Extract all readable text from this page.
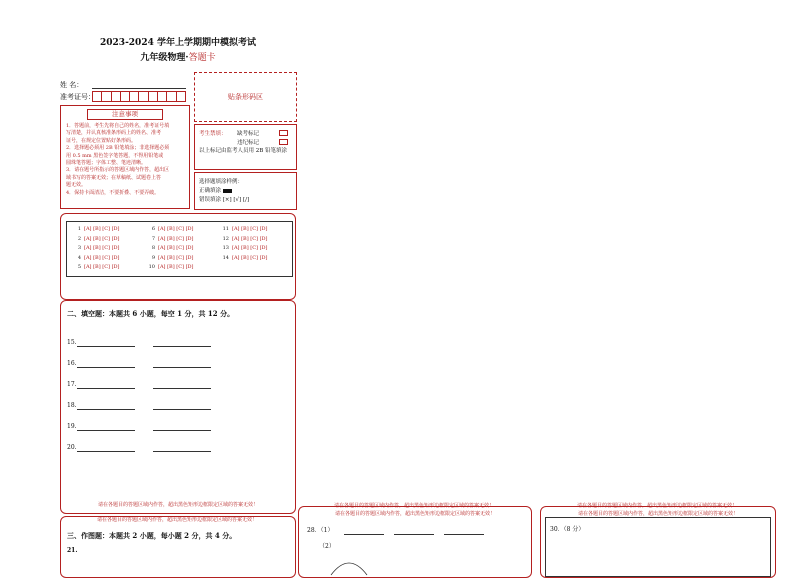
2023-2024 学年上学期期中模拟考试
九年级物理·答题卡
姓 名：
准考证号：
注意事项
1．答题前，考生先将自己的姓名，准考证号填
写清楚，并认真核准条形码上的姓名、准考
证号，在规定位置贴好条形码。
2．选择题必须用 2B 铅笔填涂；非选择题必须
用 0.5 mm 黑色签字笔答题，不得用铅笔或
圆珠笔答题；字体工整、笔迹清晰。
3．请在题号所指示的答题区域内作答，超出区
域书写的答案无效；在草稿纸、试题卷上答
题无效。
4．保持卡面清洁，不要折叠、不要弄破。
贴条形码区
考生禁填： 缺考标记
违纪标记
以上标记由监考人员用 2B 铅笔填涂
选择题填涂样例：
正确填涂
错误填涂 [×] [√] [/]
1 [A] [B] [C] [D]
2 [A] [B] [C] [D]
3 [A] [B] [C] [D]
4 [A] [B] [C] [D]
5 [A] [B] [C] [D]
6 [A] [B] [C] [D]
7 [A] [B] [C] [D]
8 [A] [B] [C] [D]
9 [A] [B] [C] [D]
10 [A] [B] [C] [D]
11 [A] [B] [C] [D]
12 [A] [B] [C] [D]
13 [A] [B] [C] [D]
14 [A] [B] [C] [D]
二、填空题：本题共 6 小题，每空 1 分，共 12 分。
15.
16.
17.
18.
19.
20.
请在各题目的答题区域内作答，超出黑色矩形边框限定区域的答案无效！
请在各题目的答题区域内作答，超出黑色矩形边框限定区域的答案无效！
三、作图题：本题共 2 小题，每小题 2 分，共 4 分。
21.
请在各题目的答题区域内作答，超出黑色矩形边框限定区域的答案无效！
请在各题目的答题区域内作答，超出黑色矩形边框限定区域的答案无效！
28．（1）
（2）
请在各题目的答题区域内作答，超出黑色矩形边框限定区域的答案无效！
请在各题目的答题区域内作答，超出黑色矩形边框限定区域的答案无效！
30．（8 分）
